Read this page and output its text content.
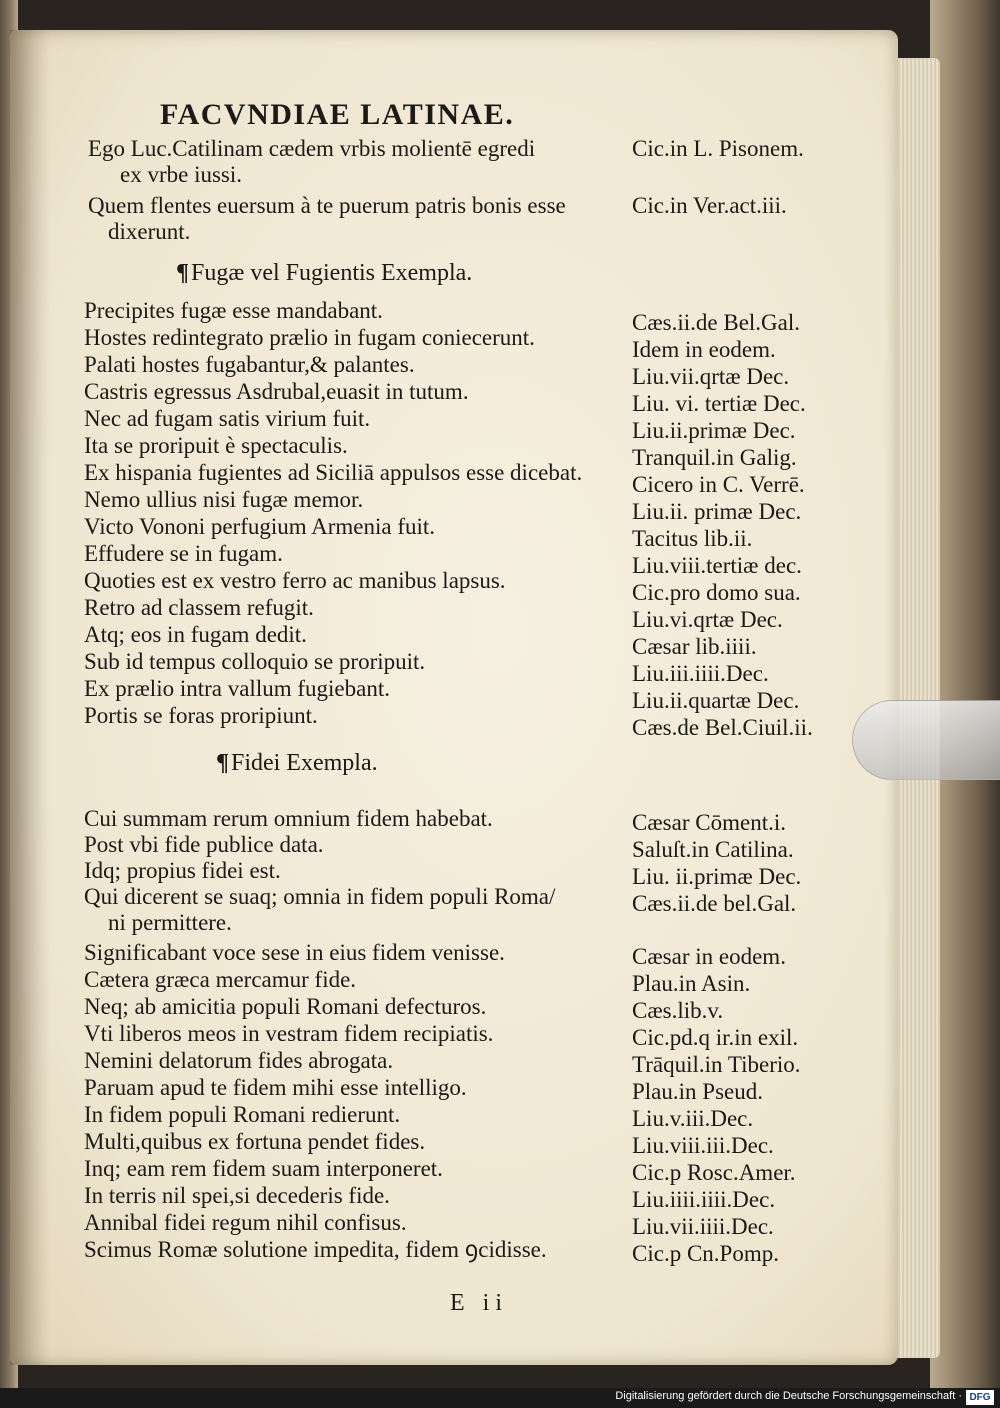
FACVNDIAE LATINAE.
Ego Luc.Catilinam cædem vrbis molientē egredi
ex vrbe iussi.
Quem flentes euersum à te puerum patris bonis esse
dixerunt.
Cic.in L. Pisonem.
Cic.in Ver.act.iii.
¶Fugæ vel Fugientis Exempla.
Precipites fugæ esse mandabant.
Hostes redintegrato prælio in fugam coniecerunt.
Palati hostes fugabantur,& palantes.
Castris egressus Asdrubal,euasit in tutum.
Nec ad fugam satis virium fuit.
Ita se proripuit è spectaculis.
Ex hispania fugientes ad Siciliā appulsos esse dicebat.
Nemo ullius nisi fugæ memor.
Victo Vononi perfugium Armenia fuit.
Effudere se in fugam.
Quoties est ex vestro ferro ac manibus lapsus.
Retro ad classem refugit.
Atq; eos in fugam dedit.
Sub id tempus colloquio se proripuit.
Ex prælio intra vallum fugiebant.
Portis se foras proripiunt.
Cæs.ii.de Bel.Gal.
Idem in eodem.
Liu.vii.qrtæ Dec.
Liu. vi. tertiæ Dec.
Liu.ii.primæ Dec.
Tranquil.in Galig.
Cicero in C. Verrē.
Liu.ii. primæ Dec.
Tacitus lib.ii.
Liu.viii.tertiæ dec.
Cic.pro domo sua.
Liu.vi.qrtæ Dec.
Cæsar lib.iiii.
Liu.iii.iiii.Dec.
Liu.ii.quartæ Dec.
Cæs.de Bel.Ciuil.ii.
¶Fidei Exempla.
Cui summam rerum omnium fidem habebat.
Post vbi fide publice data.
Idq; propius fidei est.
Qui dicerent se suaq; omnia in fidem populi Roma/
ni permittere.
Significabant voce sese in eius fidem venisse.
Cætera græca mercamur fide.
Neq; ab amicitia populi Romani defecturos.
Vti liberos meos in vestram fidem recipiatis.
Nemini delatorum fides abrogata.
Paruam apud te fidem mihi esse intelligo.
In fidem populi Romani redierunt.
Multi,quibus ex fortuna pendet fides.
Inq; eam rem fidem suam interponeret.
In terris nil spei,si decederis fide.
Annibal fidei regum nihil confisus.
Scimus Romæ solutione impedita, fidem ꝯcidisse.
Cæsar Cōment.i.
Saluſt.in Catilina.
Liu. ii.primæ Dec.
Cæs.ii.de bel.Gal.
Cæsar in eodem.
Plau.in Asin.
Cæs.lib.v.
Cic.pd.q ir.in exil.
Trāquil.in Tiberio.
Plau.in Pseud.
Liu.v.iii.Dec.
Liu.viii.iii.Dec.
Cic.p Rosc.Amer.
Liu.iiii.iiii.Dec.
Liu.vii.iiii.Dec.
Cic.p Cn.Pomp.
E ii
Digitalisierung gefördert durch die Deutsche Forschungsgemeinschaft · DFG
